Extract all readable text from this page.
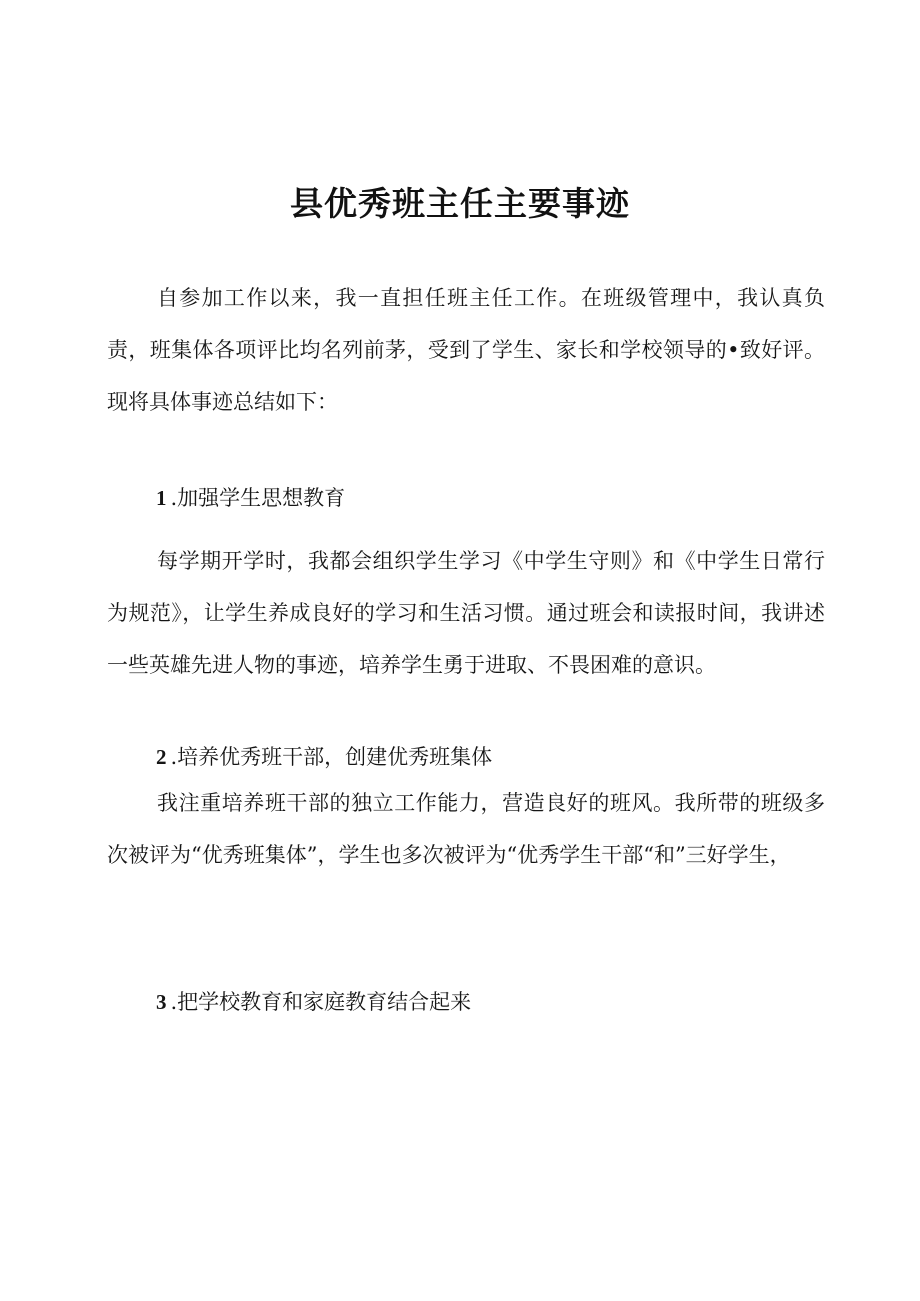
县优秀班主任主要事迹
自参加工作以来，我一直担任班主任工作。在班级管理中，我认真负责，班集体各项评比均名列前茅，受到了学生、家长和学校领导的•致好评。现将具体事迹总结如下：
1 .加强学生思想教育
每学期开学时，我都会组织学生学习《中学生守则》和《中学生日常行为规范》，让学生养成良好的学习和生活习惯。通过班会和读报时间，我讲述一些英雄先进人物的事迹，培养学生勇于进取、不畏困难的意识。
2 .培养优秀班干部，创建优秀班集体
我注重培养班干部的独立工作能力，营造良好的班风。我所带的班级多次被评为“优秀班集体”，学生也多次被评为“优秀学生干部“和”三好学生，
3 .把学校教育和家庭教育结合起来
